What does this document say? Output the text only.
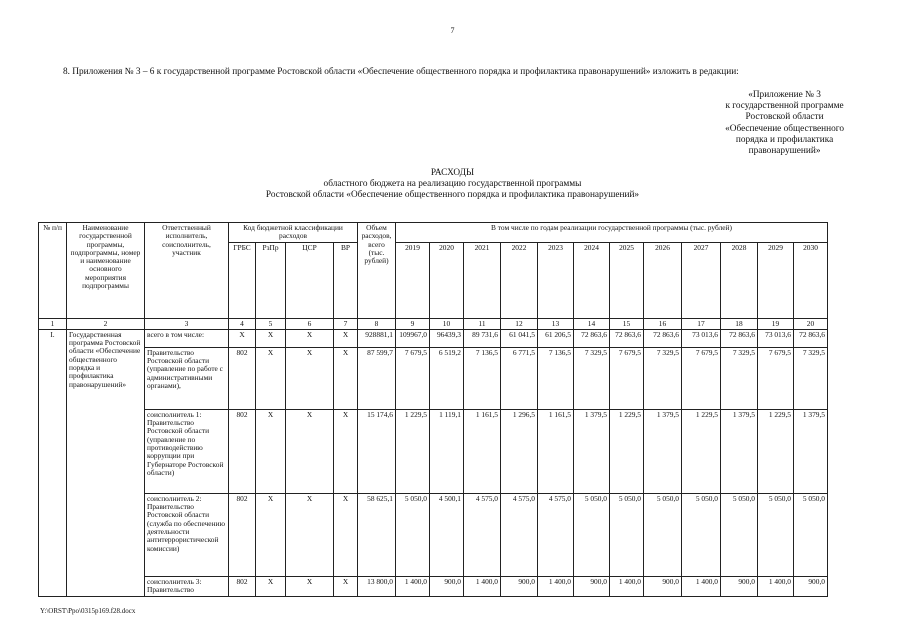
7
8. Приложения № 3 – 6 к государственной программе Ростовской области «Обеспечение общественного порядка и профилактика правонарушений» изложить в редакции:
«Приложение № 3
к государственной программе
Ростовской области
«Обеспечение общественного
порядка и профилактика
правонарушений»
РАСХОДЫ
областного бюджета на реализацию государственной программы
Ростовской области «Обеспечение общественного порядка и профилактика правонарушений»
№ п/п	Наименование государственной программы, подпрограммы, номер и наименование основного мероприятия подпрограммы	Ответственный исполнитель, соисполнитель, участник	Код бюджетной классификации расходов				Объем расходов, всего (тыс. рублей)	В том числе по годам реализации государственной программы (тыс. рублей)											
			ГРБС	РзПр	ЦСР	ВР		2019	2020	2021	2022	2023	2024	2025	2026	2027	2028	2029	2030
1	2	3	4	5	6	7	8	9	10	11	12	13	14	15	16	17	18	19	20
I.	Государственная программа Ростовской области «Обеспечение общественного порядка и профилактика правонарушений»	всего в том числе:	X	X	X	X	928881,1	109967,0	96439,3	89 731,6	61 041,5	61 206,5	72 863,6	72 863,6	72 863,6	73 013,6	72 863,6	73 013,6	72 863,6
		Правительство Ростовской области (управление по работе с административными органами),	802	X	X	X	87 599,7	7 679,5	6 519,2	7 136,5	6 771,5	7 136,5	7 329,5	7 679,5	7 329,5	7 679,5	7 329,5	7 679,5	7 329,5
		соисполнитель 1: Правительство Ростовской области (управление по противодействию коррупции при Губернаторе Ростовской области)	802	X	X	X	15 174,6	1 229,5	1 119,1	1 161,5	1 296,5	1 161,5	1 379,5	1 229,5	1 379,5	1 229,5	1 379,5	1 229,5	1 379,5
		соисполнитель 2: Правительство Ростовской области (служба по обеспечению деятельности антитеррористической комиссии)	802	X	X	X	58 625,1	5 050,0	4 500,1	4 575,0	4 575,0	4 575,0	5 050,0	5 050,0	5 050,0	5 050,0	5 050,0	5 050,0	5 050,0
		соисполнитель 3: Правительство	802	X	X	X	13 800,0	1 400,0	900,0	1 400,0	900,0	1 400,0	900,0	1 400,0	900,0	1 400,0	900,0	1 400,0	900,0
Y:\ORST\Ppo\0315p169.f28.docx
